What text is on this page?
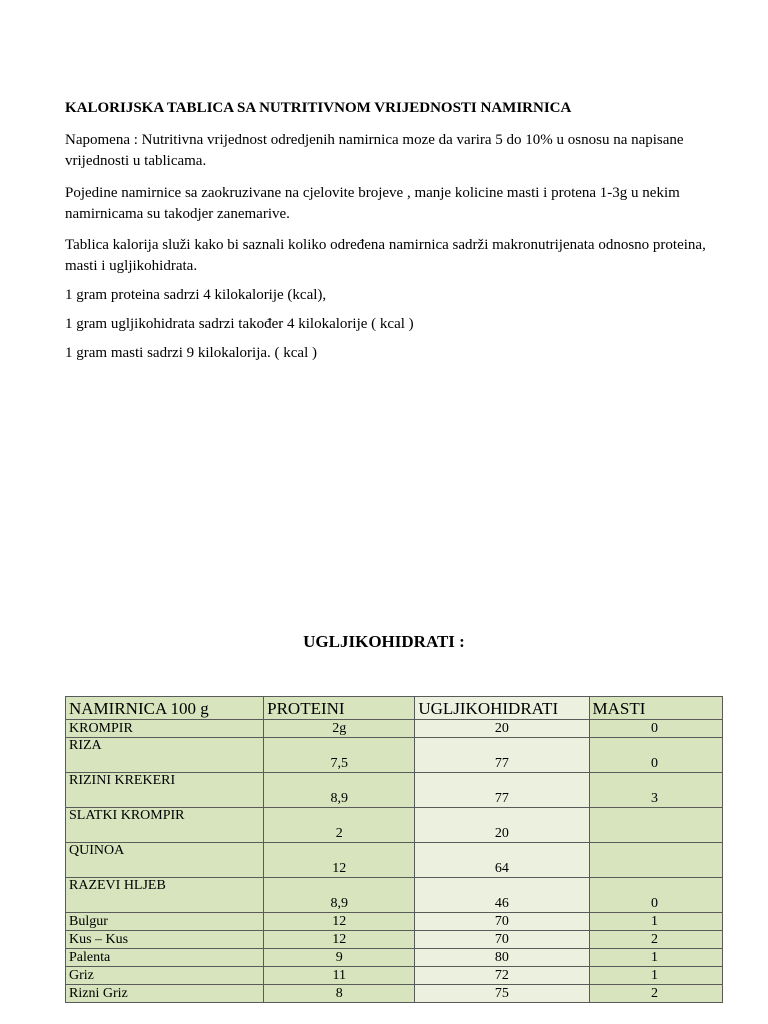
KALORIJSKA TABLICA SA NUTRITIVNOM VRIJEDNOSTI NAMIRNICA

Napomena : Nutritivna vrijednost odredjenih namirnica moze da varira 5 do 10% u osnosu na napisane vrijednosti u tablicama.

Pojedine namirnice sa zaokruzivane na cjelovite brojeve , manje kolicine masti i protena 1-3g u nekim namirnicama su takodjer zanemarive.

Tablica kalorija služi kako bi saznali koliko određena namirnica sadrži makronutrijenata odnosno proteina, masti i ugljikohidrata.

1 gram proteina sadrzi 4 kilokalorije (kcal),

1 gram ugljikohidrata sadrzi također 4 kilokalorije ( kcal )

1 gram masti sadrzi 9 kilokalorija. ( kcal )

UGLJIKOHIDRATI :
NAMIRNICA 100 g	PROTEINI	UGLJIKOHIDRATI	MASTI
KROMPIR	2g	20	0
RIZA	7,5	77	0
RIZINI KREKERI	8,9	77	3
SLATKI KROMPIR	2	20	
QUINOA	12	64	
RAZEVI HLJEB	8,9	46	0
Bulgur	12	70	1
Kus – Kus	12	70	2
Palenta	9	80	1
Griz	11	72	1
Rizni Griz	8	75	2
